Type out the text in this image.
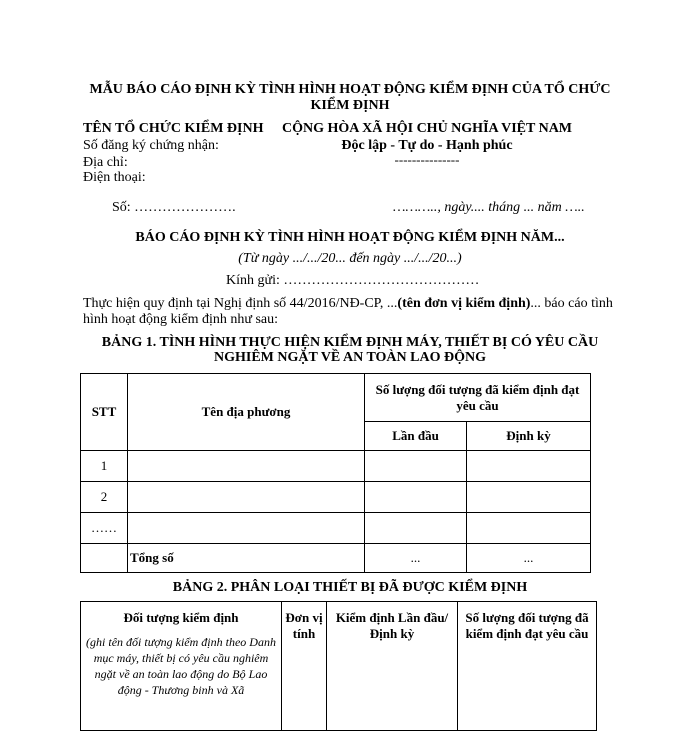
MẪU BÁO CÁO ĐỊNH KỲ TÌNH HÌNH HOẠT ĐỘNG KIỂM ĐỊNH CỦA TỔ CHỨC KIỂM ĐỊNH
TÊN TỔ CHỨC KIỂM ĐỊNH
Số đăng ký chứng nhận:
Địa chỉ:
Điện thoại:
CỘNG HÒA XÃ HỘI CHỦ NGHĨA VIỆT NAM
Độc lập - Tự do - Hạnh phúc
---------------
Số: ………………….	……….., ngày.... tháng ... năm …..
BÁO CÁO ĐỊNH KỲ TÌNH HÌNH HOẠT ĐỘNG KIỂM ĐỊNH NĂM...
(Từ ngày .../.../20... đến ngày .../.../20...)
Kính gửi: ……………………………………
Thực hiện quy định tại Nghị định số 44/2016/NĐ-CP, ...(tên đơn vị kiểm định)... báo cáo tình
hình hoạt động kiểm định như sau:
BẢNG 1. TÌNH HÌNH THỰC HIỆN KIỂM ĐỊNH MÁY, THIẾT BỊ CÓ YÊU CẦU
NGHIÊM NGẶT VỀ AN TOÀN LAO ĐỘNG
STT	Tên địa phương	Số lượng đối tượng đã kiểm định đạt yêu cầu	
		Lần đầu	Định kỳ
1			
2			
……			
	Tổng số	...	...
BẢNG 2. PHÂN LOẠI THIẾT BỊ ĐÃ ĐƯỢC KIỂM ĐỊNH
Đối tượng kiểm định
(ghi tên đối tượng kiểm định theo Danh mục máy, thiết bị có yêu cầu nghiêm ngặt về an toàn lao động do Bộ Lao động - Thương binh và Xã
	Đơn vị tính	Kiểm định Lần đầu/ Định kỳ	Số lượng đối tượng đã kiểm định đạt yêu cầu
